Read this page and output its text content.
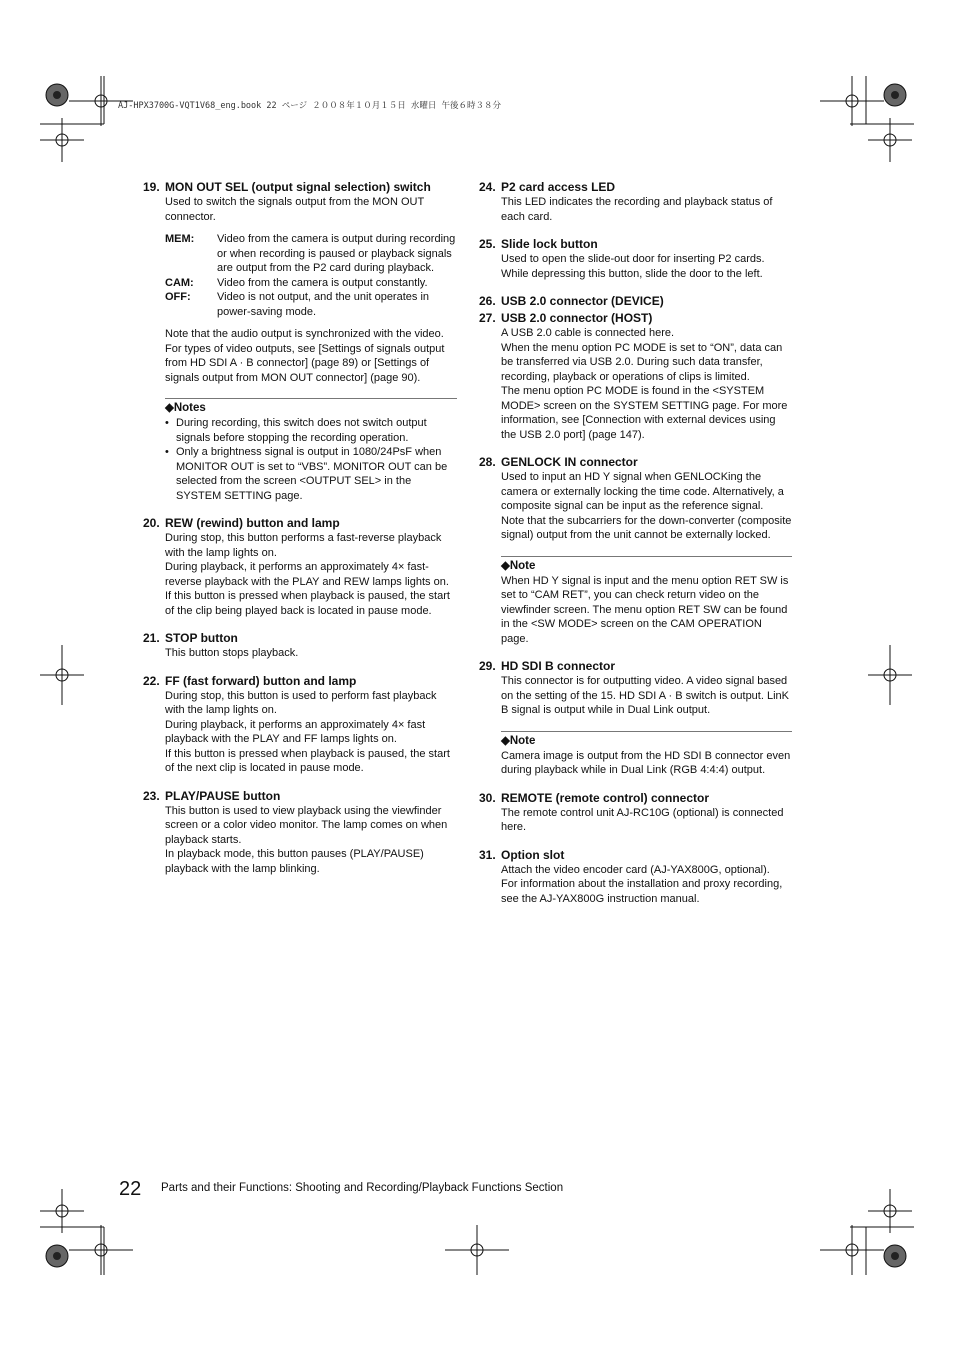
AJ-HPX3700G-VQT1V68_eng.book 22 ページ ２００８年１０月１５日 水曜日 午後６時３８分
19. MON OUT SEL (output signal selection) switch

Used to switch the signals output from the MON OUT connector.

MEM:	Video from the camera is output during recording or when recording is paused or playback signals are output from the P2 card during playback.
CAM:	Video from the camera is output constantly.
OFF:	Video is not output, and the unit operates in power-saving mode.

Note that the audio output is synchronized with the video.

For types of video outputs, see [Settings of signals output from HD SDI A · B connector] (page 89) or [Settings of signals output from MON OUT connector] (page 90).

◆Notes
• During recording, this switch does not switch output signals before stopping the recording operation.
• Only a brightness signal is output in 1080/24PsF when MONITOR OUT is set to “VBS”. MONITOR OUT can be selected from the screen <OUTPUT SEL> in the SYSTEM SETTING page.
20. REW (rewind) button and lamp

During stop, this button performs a fast-reverse playback with the lamp lights on.

During playback, it performs an approximately 4× fast-reverse playback with the PLAY and REW lamps lights on.

If this button is pressed when playback is paused, the start of the clip being played back is located in pause mode.

21. STOP button

This button stops playback.

22. FF (fast forward) button and lamp

During stop, this button is used to perform fast playback with the lamp lights on.

During playback, it performs an approximately 4× fast playback with the PLAY and FF lamps lights on.

If this button is pressed when playback is paused, the start of the next clip is located in pause mode.

23. PLAY/PAUSE button

This button is used to view playback using the viewfinder screen or a color video monitor. The lamp comes on when playback starts.

In playback mode, this button pauses (PLAY/PAUSE) playback with the lamp blinking.

24. P2 card access LED

This LED indicates the recording and playback status of each card.

25. Slide lock button

Used to open the slide-out door for inserting P2 cards. While depressing this button, slide the door to the left.

26. USB 2.0 connector (DEVICE)
27. USB 2.0 connector (HOST)

A USB 2.0 cable is connected here.

When the menu option PC MODE is set to “ON”, data can be transferred via USB 2.0. During such data transfer, recording, playback or operations of clips is limited.

The menu option PC MODE is found in the <SYSTEM MODE> screen on the SYSTEM SETTING page. For more information, see [Connection with external devices using the USB 2.0 port] (page 147).

28. GENLOCK IN connector

Used to input an HD Y signal when GENLOCKing the camera or externally locking the time code. Alternatively, a composite signal can be input as the reference signal.

Note that the subcarriers for the down-converter (composite signal) output from the unit cannot be externally locked.

◆Note

When HD Y signal is input and the menu option RET SW is set to “CAM RET”, you can check return video on the viewfinder screen. The menu option RET SW can be found in the <SW MODE> screen on the CAM OPERATION page.

29. HD SDI B connector

This connector is for outputting video. A video signal based on the setting of the 15. HD SDI A · B switch is output. LinK B signal is output while in Dual Link output.

◆Note

Camera image is output from the HD SDI B connector even during playback while in Dual Link (RGB 4:4:4) output.

30. REMOTE (remote control) connector

The remote control unit AJ-RC10G (optional) is connected here.

31. Option slot

Attach the video encoder card (AJ-YAX800G, optional).

For information about the installation and proxy recording, see the AJ-YAX800G instruction manual.

22 Parts and their Functions: Shooting and Recording/Playback Functions Section
